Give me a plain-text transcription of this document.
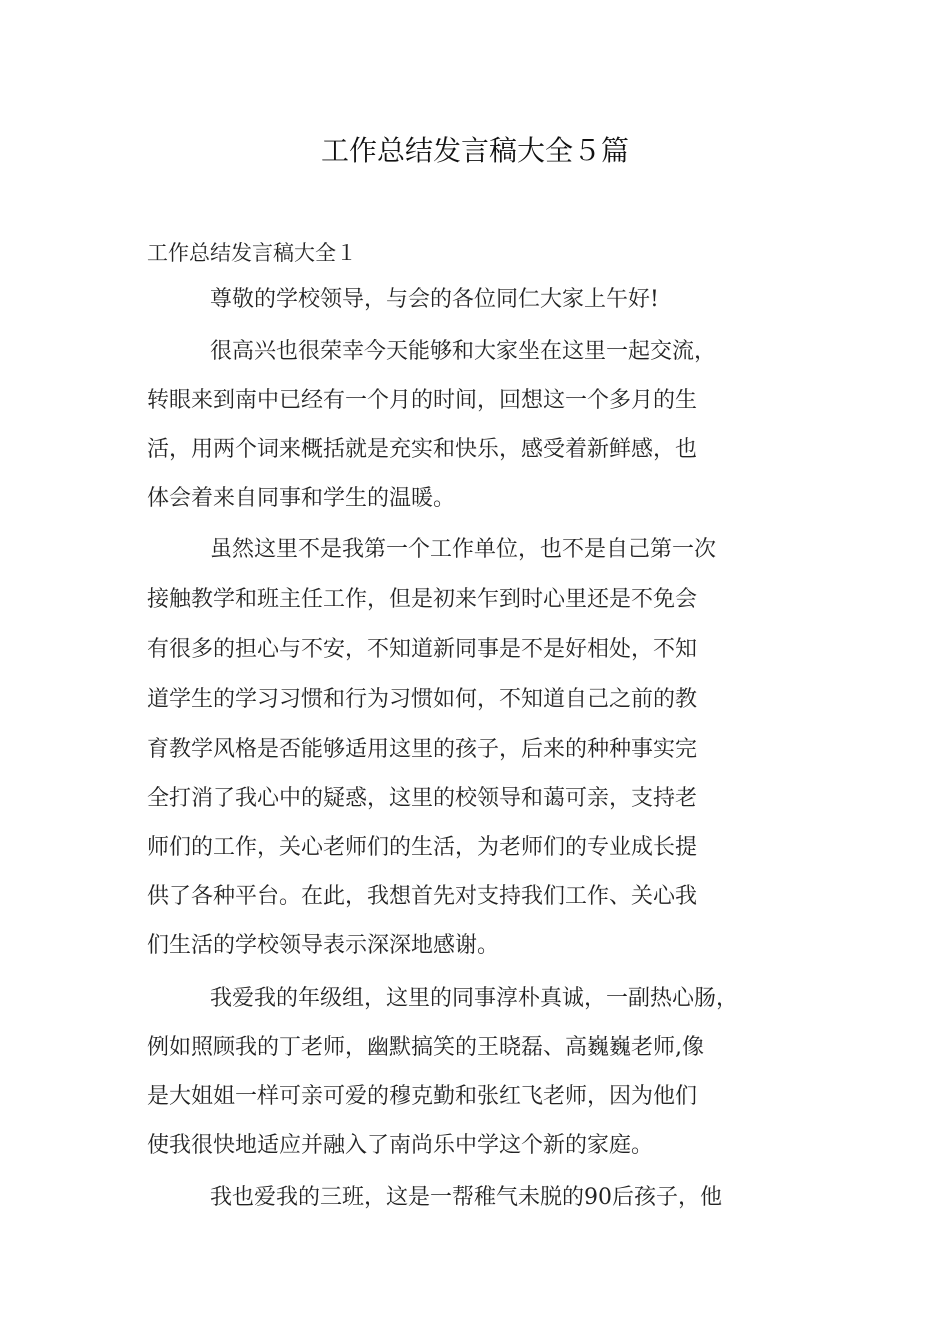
工作总结发言稿大全５篇
工作总结发言稿大全１
尊敬的学校领导，与会的各位同仁大家上午好!
很高兴也很荣幸今天能够和大家坐在这里一起交流，
转眼来到南中已经有一个月的时间，回想这一个多月的生
活，用两个词来概括就是充实和快乐，感受着新鲜感，也
体会着来自同事和学生的温暖。
虽然这里不是我第一个工作单位，也不是自己第一次
接触教学和班主任工作，但是初来乍到时心里还是不免会
有很多的担心与不安，不知道新同事是不是好相处，不知
道学生的学习习惯和行为习惯如何，不知道自己之前的教
育教学风格是否能够适用这里的孩子，后来的种种事实完
全打消了我心中的疑惑，这里的校领导和蔼可亲，支持老
师们的工作，关心老师们的生活，为老师们的专业成长提
供了各种平台。在此，我想首先对支持我们工作、关心我
们生活的学校领导表示深深地感谢。
我爱我的年级组，这里的同事淳朴真诚，一副热心肠，
例如照顾我的丁老师，幽默搞笑的王晓磊、高巍巍老师,像
是大姐姐一样可亲可爱的穆克勤和张红飞老师，因为他们
使我很快地适应并融入了南尚乐中学这个新的家庭。
我也爱我的三班，这是一帮稚气未脱的90后孩子，他
